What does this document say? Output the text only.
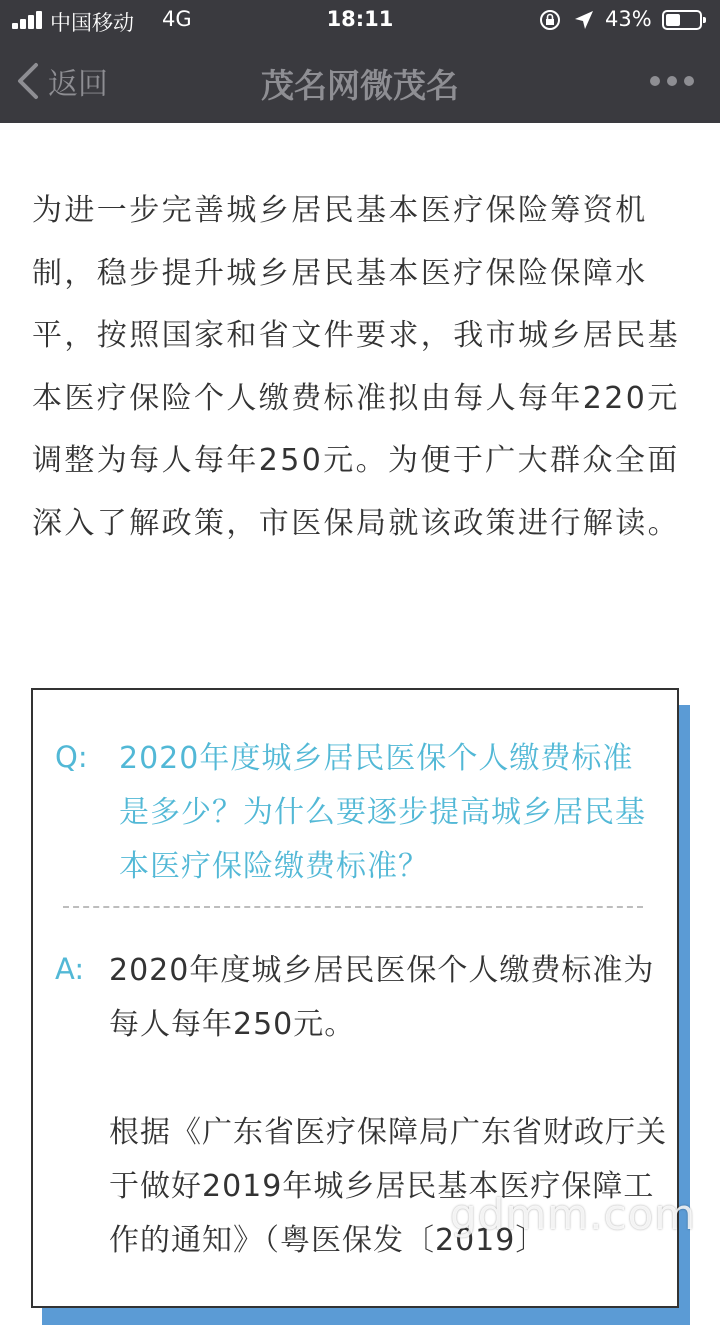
中国移动 4G	18:11	43%
返回	茂名网微茂名

为进一步完善城乡居民基本医疗保险筹资机制，稳步提升城乡居民基本医疗保险保障水平，按照国家和省文件要求，我市城乡居民基本医疗保险个人缴费标准拟由每人每年220元调整为每人每年250元。为便于广大群众全面深入了解政策，市医保局就该政策进行解读。

Q: 2020年度城乡居民医保个人缴费标准是多少？为什么要逐步提高城乡居民基本医疗保险缴费标准？
A: 2020年度城乡居民医保个人缴费标准为每人每年250元。

根据《广东省医疗保障局广东省财政厅关于做好2019年城乡居民基本医疗保障工作的通知》（粤医保发〔2019〕

gdmm.com
